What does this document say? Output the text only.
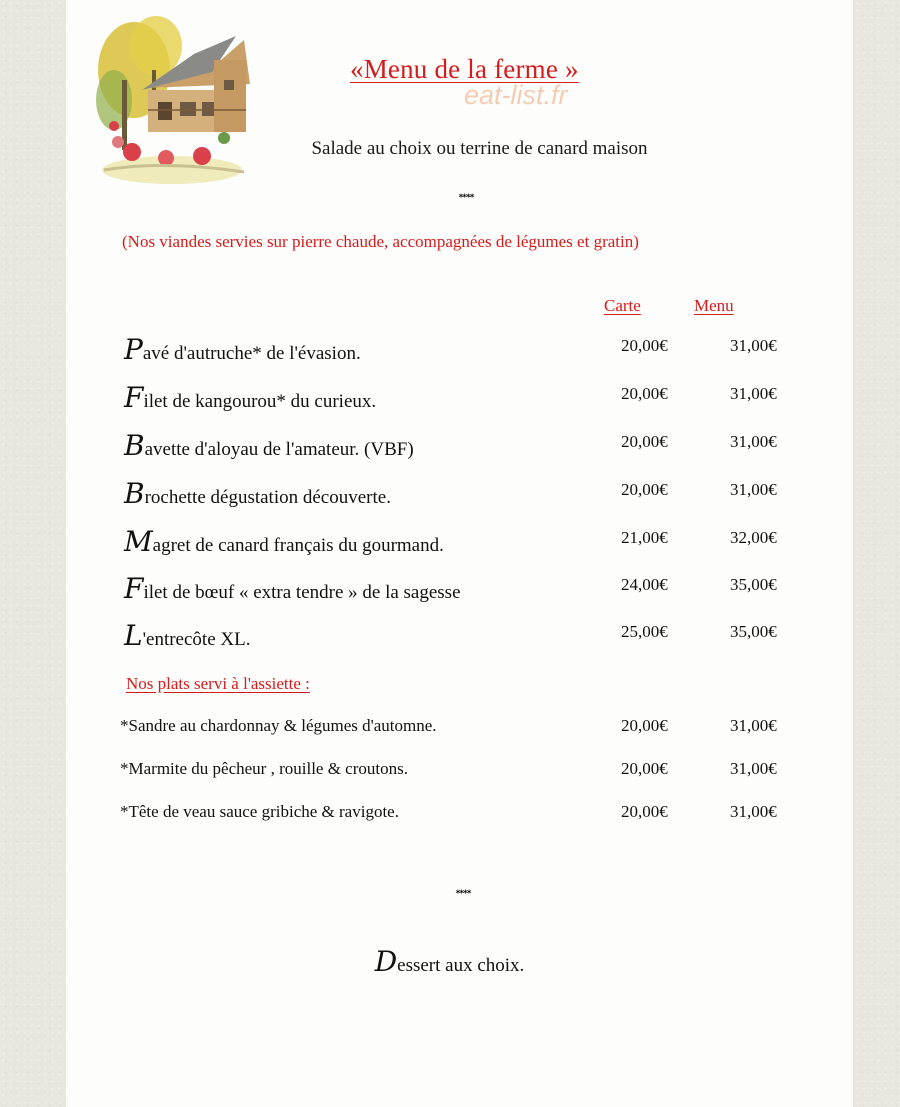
«Menu de la ferme »
eat-list.fr
Salade au choix ou terrine de canard maison
****
(Nos viandes servies sur pierre chaude, accompagnées de légumes et gratin)
Carte	Menu
Pavé d'autruche* de l'évasion.	20,00€	31,00€
Filet de kangourou* du curieux.	20,00€	31,00€
Bavette d'aloyau de l'amateur. (VBF)	20,00€	31,00€
Brochette dégustation découverte.	20,00€	31,00€
Magret de canard français du gourmand.	21,00€	32,00€
Filet de bœuf « extra tendre » de la sagesse	24,00€	35,00€
L'entrecôte XL.	25,00€	35,00€
Nos plats servi à l'assiette :
*Sandre au chardonnay & légumes d'automne.	20,00€	31,00€
*Marmite du pêcheur , rouille & croutons.	20,00€	31,00€
*Tête de veau sauce gribiche & ravigote.	20,00€	31,00€
****
Dessert aux choix.
